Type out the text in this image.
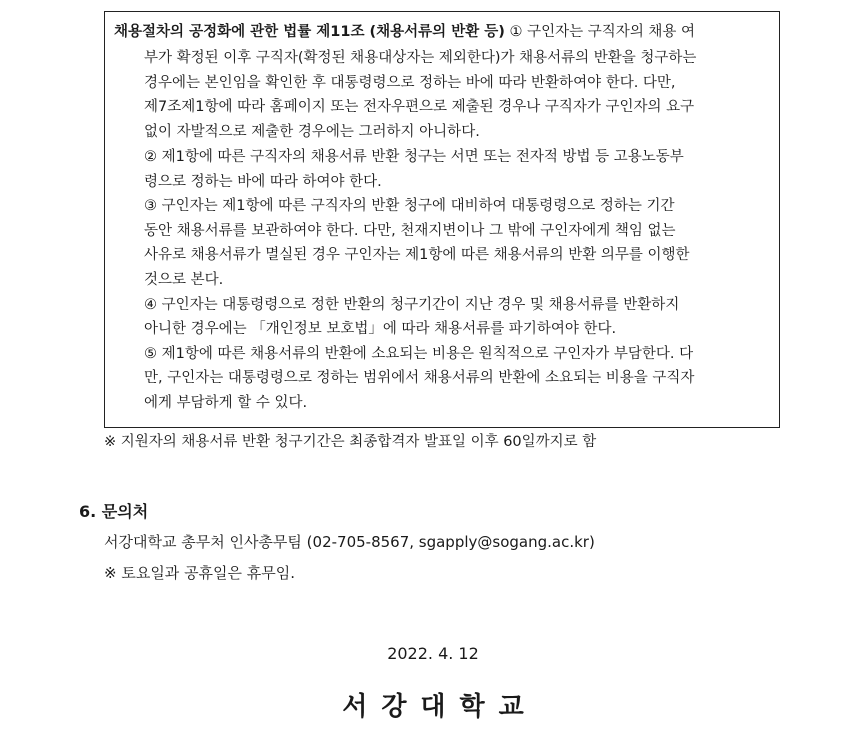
채용절차의 공정화에 관한 법률 제11조 (채용서류의 반환 등) ① 구인자는 구직자의 채용 여
부가 확정된 이후 구직자(확정된 채용대상자는 제외한다)가 채용서류의 반환을 청구하는
경우에는 본인임을 확인한 후 대통령령으로 정하는 바에 따라 반환하여야 한다. 다만,
제7조제1항에 따라 홈페이지 또는 전자우편으로 제출된 경우나 구직자가 구인자의 요구
없이 자발적으로 제출한 경우에는 그러하지 아니하다.
② 제1항에 따른 구직자의 채용서류 반환 청구는 서면 또는 전자적 방법 등 고용노동부
령으로 정하는 바에 따라 하여야 한다.
③ 구인자는 제1항에 따른 구직자의 반환 청구에 대비하여 대통령령으로 정하는 기간
동안 채용서류를 보관하여야 한다. 다만, 천재지변이나 그 밖에 구인자에게 책임 없는
사유로 채용서류가 멸실된 경우 구인자는 제1항에 따른 채용서류의 반환 의무를 이행한
것으로 본다.
④ 구인자는 대통령령으로 정한 반환의 청구기간이 지난 경우 및 채용서류를 반환하지
아니한 경우에는 「개인정보 보호법」에 따라 채용서류를 파기하여야 한다.
⑤ 제1항에 따른 채용서류의 반환에 소요되는 비용은 원칙적으로 구인자가 부담한다. 다
만, 구인자는 대통령령으로 정하는 범위에서 채용서류의 반환에 소요되는 비용을 구직자
에게 부담하게 할 수 있다.
※ 지원자의 채용서류 반환 청구기간은 최종합격자 발표일 이후 60일까지로 함
6. 문의처
서강대학교 총무처 인사총무팀 (02-705-8567, sgapply@sogang.ac.kr)
※ 토요일과 공휴일은 휴무임.
2022. 4. 12
서강대학교
